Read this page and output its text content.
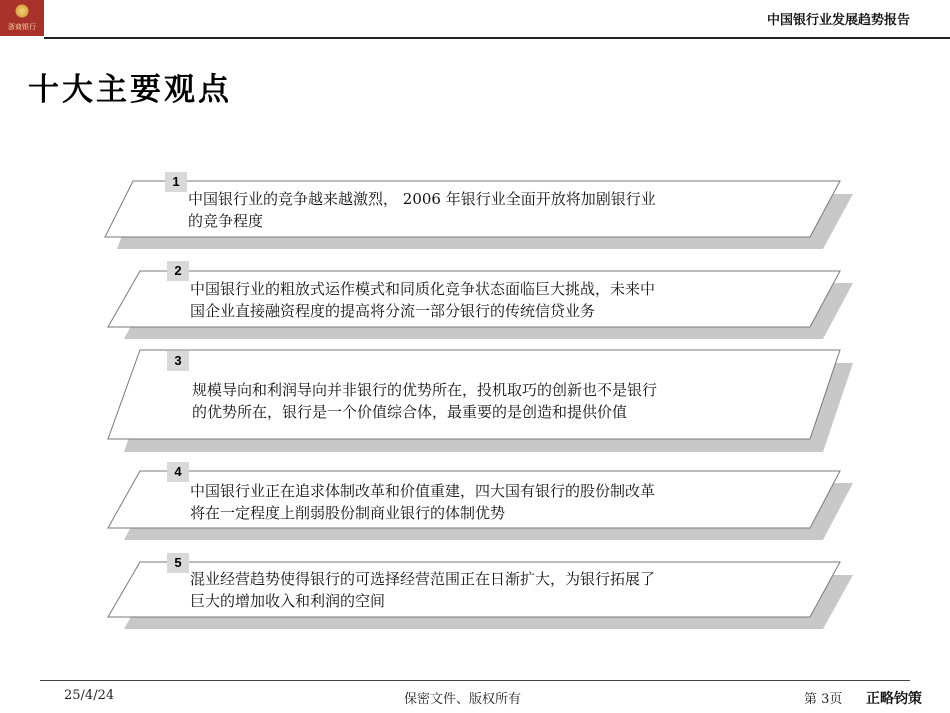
浙商银行	中国银行业发展趋势报告
十大主要观点
1
中国银行业的竞争越来越激烈， 2006 年银行业全面开放将加剧银行业
的竞争程度
2
中国银行业的粗放式运作模式和同质化竞争状态面临巨大挑战，未来中
国企业直接融资程度的提高将分流一部分银行的传统信贷业务
3
规模导向和利润导向并非银行的优势所在，投机取巧的创新也不是银行
的优势所在，银行是一个价值综合体，最重要的是创造和提供价值
4
中国银行业正在追求体制改革和价值重建，四大国有银行的股份制改革
将在一定程度上削弱股份制商业银行的体制优势
5
混业经营趋势使得银行的可选择经营范围正在日渐扩大，为银行拓展了
巨大的增加收入和利润的空间
25/4/24	保密文件、版权所有	第 3页 正略钧策
